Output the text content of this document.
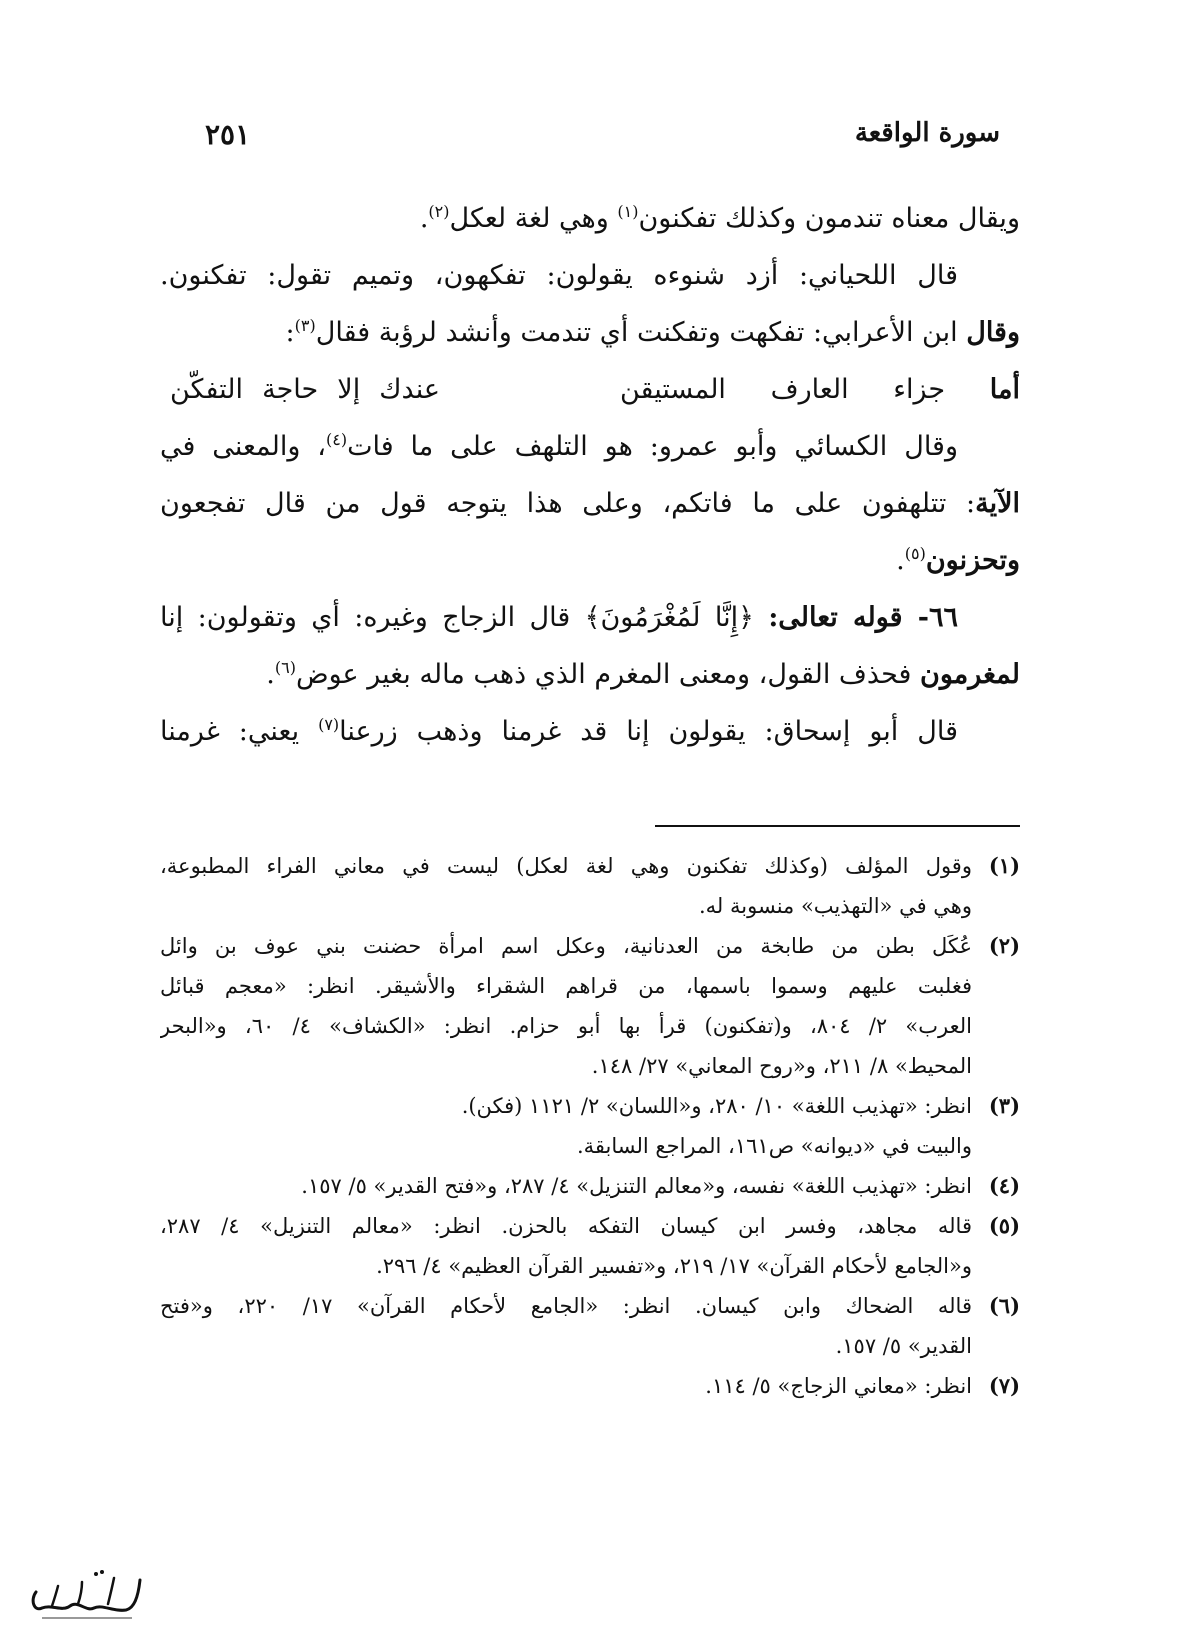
سورة الواقعة
٢٥١
ويقال معناه تندمون وكذلك تفكنون$^{(١)}$ وهي لغة لعكل$^{(٢)}$.
قال اللحياني: أزد شنوءه يقولون: تفكهون، وتميم تقول: تفكنون.
وقال ابن الأعرابي: تفكهت وتفكنت أي تندمت وأنشد لرؤبة فقال$^{(٣)}$:
أما جزاء العارف المستيقن
عندك إلا حاجة التفكّن
وقال الكسائي وأبو عمرو: هو التلهف على ما فات$^{(٤)}$، والمعنى في
الآية: تتلهفون على ما فاتكم، وعلى هذا يتوجه قول من قال تفجعون
وتحزنون$^{(٥)}$.
٦٦- قوله تعالى: ﴿إِنَّا لَمُغْرَمُونَ﴾ قال الزجاج وغيره: أي وتقولون: إنا
لمغرمون فحذف القول، ومعنى المغرم الذي ذهب ماله بغير عوض$^{(٦)}$.
قال أبو إسحاق: يقولون إنا قد غرمنا وذهب زرعنا$^{(٧)}$ يعني: غرمنا
(١)
وقول المؤلف (وكذلك تفكنون وهي لغة لعكل) ليست في معاني الفراء المطبوعة،
وهي في «التهذيب» منسوبة له.
(٢)
عُكَل بطن من طابخة من العدنانية، وعكل اسم امرأة حضنت بني عوف بن وائل
فغلبت عليهم وسموا باسمها، من قراهم الشقراء والأشيقر. انظر: «معجم قبائل
العرب» ٢/ ٨٠٤، و(تفكنون) قرأ بها أبو حزام. انظر: «الكشاف» ٤/ ٦٠، و«البحر
المحيط» ٨/ ٢١١، و«روح المعاني» ٢٧/ ١٤٨.
(٣)
انظر: «تهذيب اللغة» ١٠/ ٢٨٠، و«اللسان» ٢/ ١١٢١ (فكن).
والبيت في «ديوانه» ص١٦١، المراجع السابقة.
(٤)
انظر: «تهذيب اللغة» نفسه، و«معالم التنزيل» ٤/ ٢٨٧، و«فتح القدير» ٥/ ١٥٧.
(٥)
قاله مجاهد، وفسر ابن كيسان التفكه بالحزن. انظر: «معالم التنزيل» ٤/ ٢٨٧،
و«الجامع لأحكام القرآن» ١٧/ ٢١٩، و«تفسير القرآن العظيم» ٤/ ٢٩٦.
(٦)
قاله الضحاك وابن كيسان. انظر: «الجامع لأحكام القرآن» ١٧/ ٢٢٠، و«فتح
القدير» ٥/ ١٥٧.
(٧)
انظر: «معاني الزجاج» ٥/ ١١٤.
